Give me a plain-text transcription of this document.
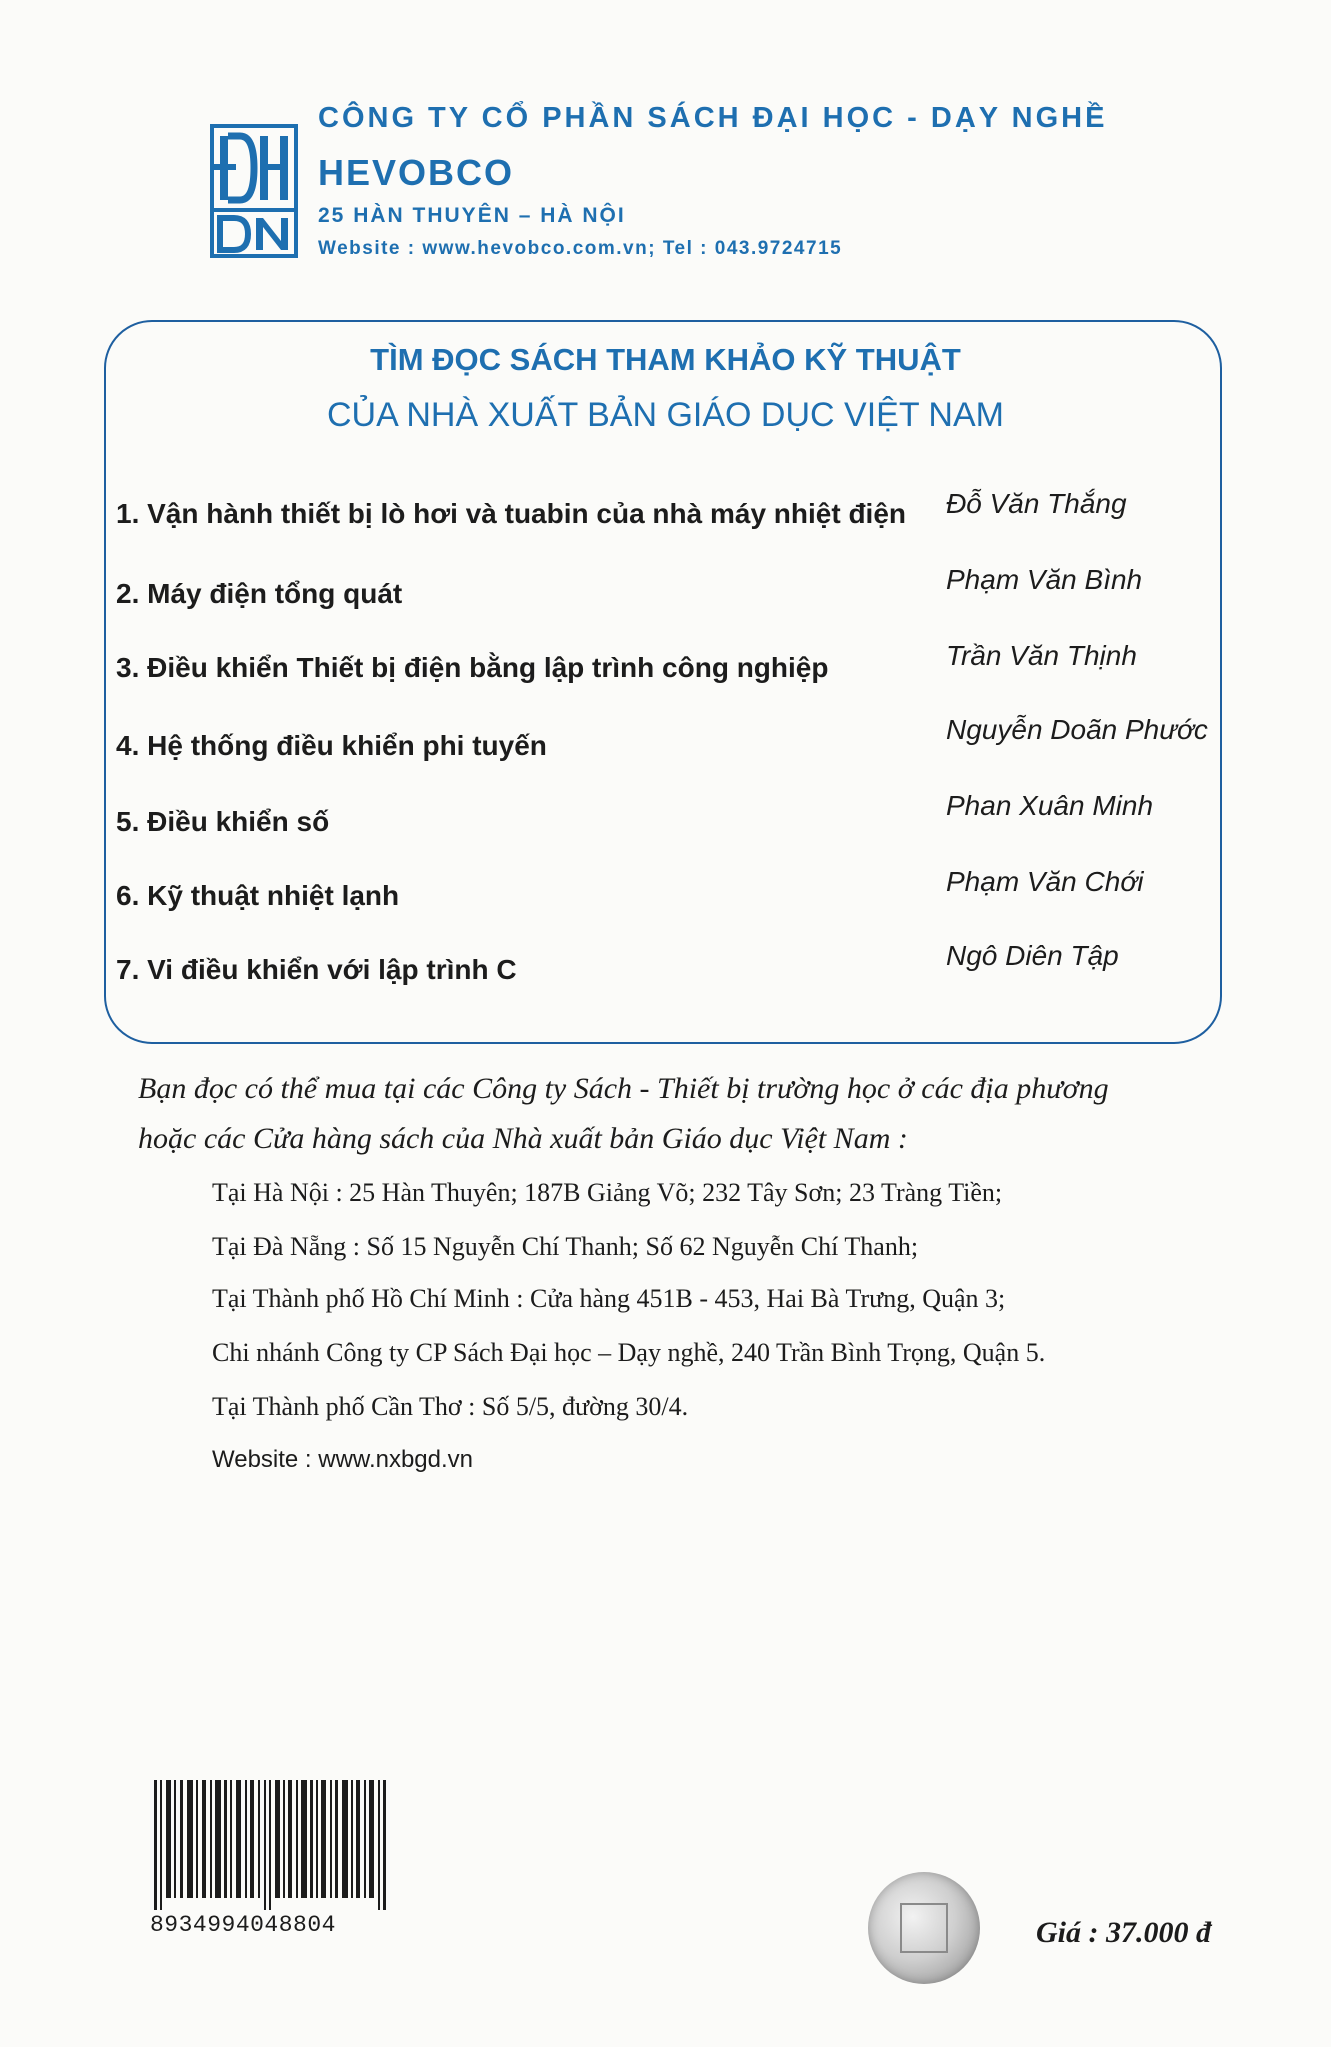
CÔNG TY CỔ PHẦN SÁCH ĐẠI HỌC - DẠY NGHỀ
HEVOBCO
25 HÀN THUYÊN – HÀ NỘI
Website : www.hevobco.com.vn; Tel : 043.9724715
TÌM ĐỌC SÁCH THAM KHẢO KỸ THUẬT
CỦA NHÀ XUẤT BẢN GIÁO DỤC VIỆT NAM
1. Vận hành thiết bị lò hơi và tuabin của nhà máy nhiệt điện Đỗ Văn Thắng
2. Máy điện tổng quát	Phạm Văn Bình
3. Điều khiển Thiết bị điện bằng lập trình công nghiệp	Trần Văn Thịnh
4. Hệ thống điều khiển phi tuyến
Nguyễn Doãn Phước
5. Điều khiển số
Phan Xuân Minh
6. Kỹ thuật nhiệt lạnh	Phạm Văn Chới
7. Vi điều khiển với lập trình C	Ngô Diên Tập
Bạn đọc có thể mua tại các Công ty Sách - Thiết bị trường học ở các địa phương
hoặc các Cửa hàng sách của Nhà xuất bản Giáo dục Việt Nam :
Tại Hà Nội : 25 Hàn Thuyên; 187B Giảng Võ; 232 Tây Sơn; 23 Tràng Tiền;
Tại Đà Nẵng : Số 15 Nguyễn Chí Thanh; Số 62 Nguyễn Chí Thanh;
Tại Thành phố Hồ Chí Minh : Cửa hàng 451B - 453, Hai Bà Trưng, Quận 3;
Chi nhánh Công ty CP Sách Đại học – Dạy nghề, 240 Trần Bình Trọng, Quận 5.
Tại Thành phố Cần Thơ : Số 5/5, đường 30/4.
Website : www.nxbgd.vn
8934994048804	Giá : 37.000 đ
